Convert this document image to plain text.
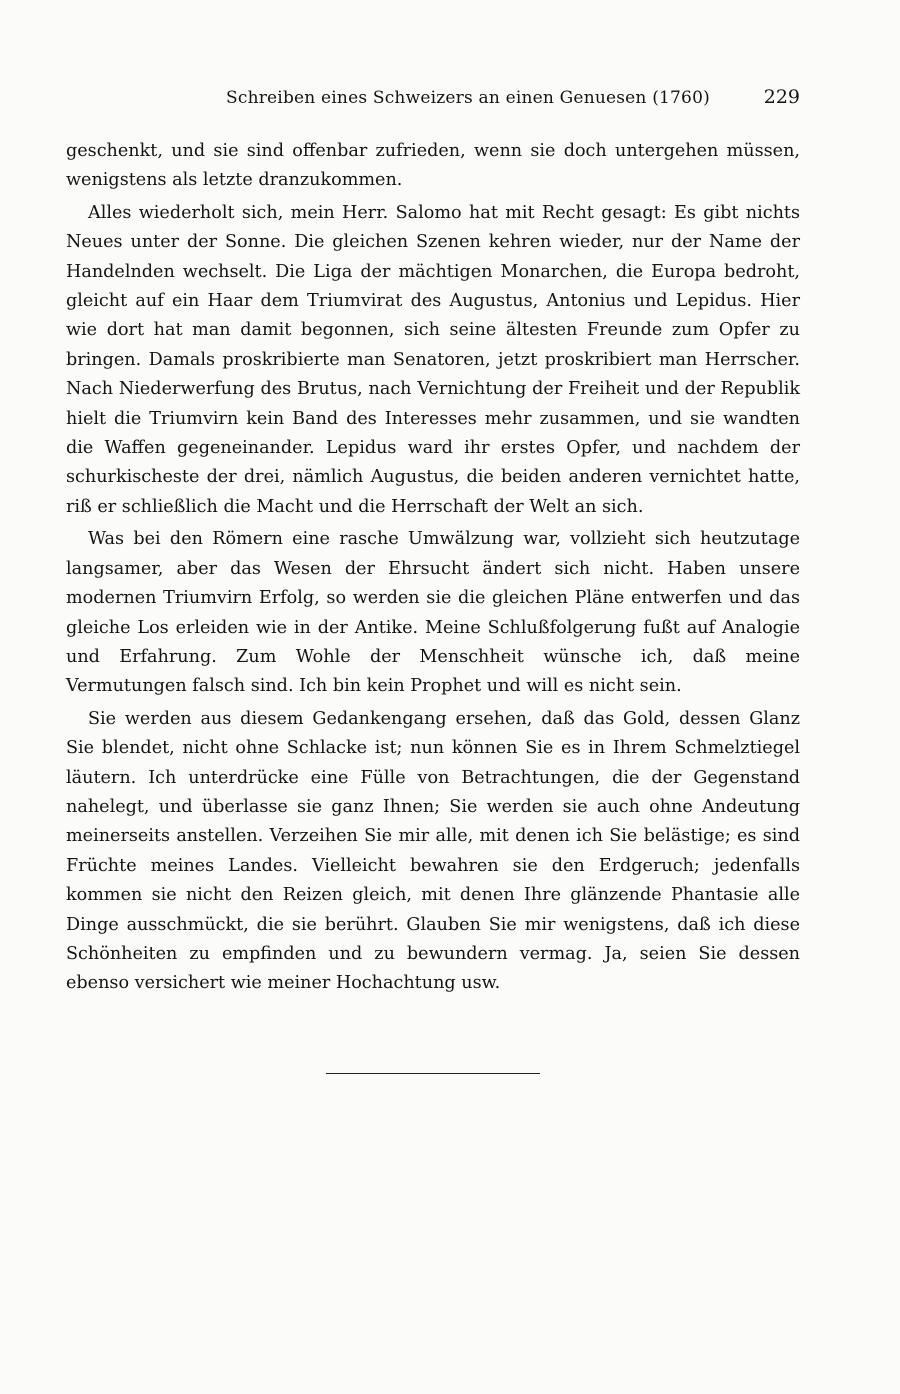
Schreiben eines Schweizers an einen Genuesen (1760)	229

geschenkt, und sie sind offenbar zufrieden, wenn sie doch untergehen müssen, wenigstens als letzte dranzukommen.

Alles wiederholt sich, mein Herr. Salomo hat mit Recht gesagt: Es gibt nichts Neues unter der Sonne. Die gleichen Szenen kehren wieder, nur der Name der Handelnden wechselt. Die Liga der mächtigen Monarchen, die Europa bedroht, gleicht auf ein Haar dem Triumvirat des Augustus, Antonius und Lepidus. Hier wie dort hat man damit begonnen, sich seine ältesten Freunde zum Opfer zu bringen. Damals proskribierte man Senatoren, jetzt proskribiert man Herrscher. Nach Niederwerfung des Brutus, nach Vernichtung der Freiheit und der Republik hielt die Triumvirn kein Band des Interesses mehr zusammen, und sie wandten die Waffen gegeneinander. Lepidus ward ihr erstes Opfer, und nachdem der schurkischeste der drei, nämlich Augustus, die beiden anderen vernichtet hatte, riß er schließlich die Macht und die Herrschaft der Welt an sich.

Was bei den Römern eine rasche Umwälzung war, vollzieht sich heutzutage langsamer, aber das Wesen der Ehrsucht ändert sich nicht. Haben unsere modernen Triumvirn Erfolg, so werden sie die gleichen Pläne entwerfen und das gleiche Los erleiden wie in der Antike. Meine Schlußfolgerung fußt auf Analogie und Erfahrung. Zum Wohle der Menschheit wünsche ich, daß meine Vermutungen falsch sind. Ich bin kein Prophet und will es nicht sein.

Sie werden aus diesem Gedankengang ersehen, daß das Gold, dessen Glanz Sie blendet, nicht ohne Schlacke ist; nun können Sie es in Ihrem Schmelztiegel läutern. Ich unterdrücke eine Fülle von Betrachtungen, die der Gegenstand nahelegt, und überlasse sie ganz Ihnen; Sie werden sie auch ohne Andeutung meinerseits anstellen. Verzeihen Sie mir alle, mit denen ich Sie belästige; es sind Früchte meines Landes. Vielleicht bewahren sie den Erdgeruch; jedenfalls kommen sie nicht den Reizen gleich, mit denen Ihre glänzende Phantasie alle Dinge ausschmückt, die sie berührt. Glauben Sie mir wenigstens, daß ich diese Schönheiten zu empfinden und zu bewundern vermag. Ja, seien Sie dessen ebenso versichert wie meiner Hochachtung usw.
